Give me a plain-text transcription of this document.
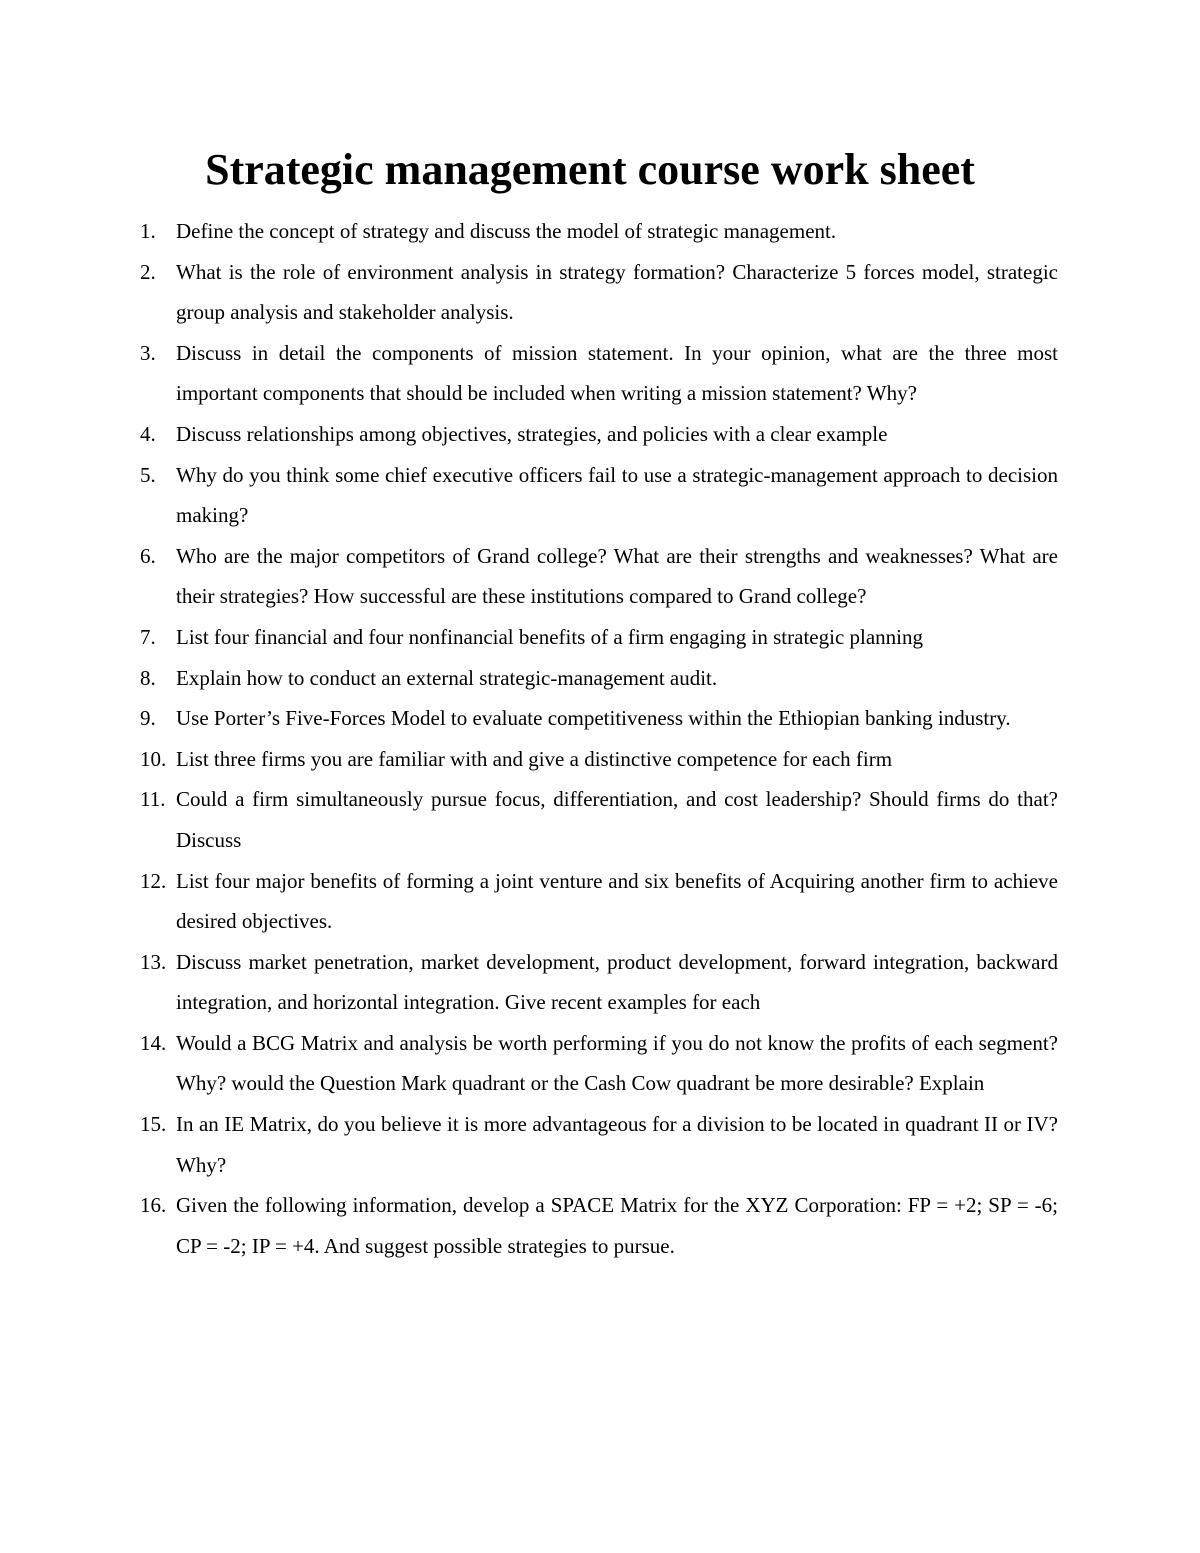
Strategic management course work sheet
1. Define the concept of strategy and discuss the model of strategic management.
2. What is the role of environment analysis in strategy formation? Characterize 5 forces model, strategic group analysis and stakeholder analysis.
3. Discuss in detail the components of mission statement. In your opinion, what are the three most important components that should be included when writing a mission statement? Why?
4. Discuss relationships among objectives, strategies, and policies with a clear example
5. Why do you think some chief executive officers fail to use a strategic-management approach to decision making?
6. Who are the major competitors of Grand college? What are their strengths and weaknesses? What are their strategies? How successful are these institutions compared to Grand college?
7. List four financial and four nonfinancial benefits of a firm engaging in strategic planning
8. Explain how to conduct an external strategic-management audit.
9. Use Porter’s Five-Forces Model to evaluate competitiveness within the Ethiopian banking industry.
10. List three firms you are familiar with and give a distinctive competence for each firm
11. Could a firm simultaneously pursue focus, differentiation, and cost leadership? Should firms do that? Discuss
12. List four major benefits of forming a joint venture and six benefits of Acquiring another firm to achieve desired objectives.
13. Discuss market penetration, market development, product development, forward integration, backward integration, and horizontal integration. Give recent examples for each
14. Would a BCG Matrix and analysis be worth performing if you do not know the profits of each segment? Why? would the Question Mark quadrant or the Cash Cow quadrant be more desirable? Explain
15. In an IE Matrix, do you believe it is more advantageous for a division to be located in quadrant II or IV? Why?
16. Given the following information, develop a SPACE Matrix for the XYZ Corporation: FP = +2; SP = -6; CP = -2; IP = +4. And suggest possible strategies to pursue.
